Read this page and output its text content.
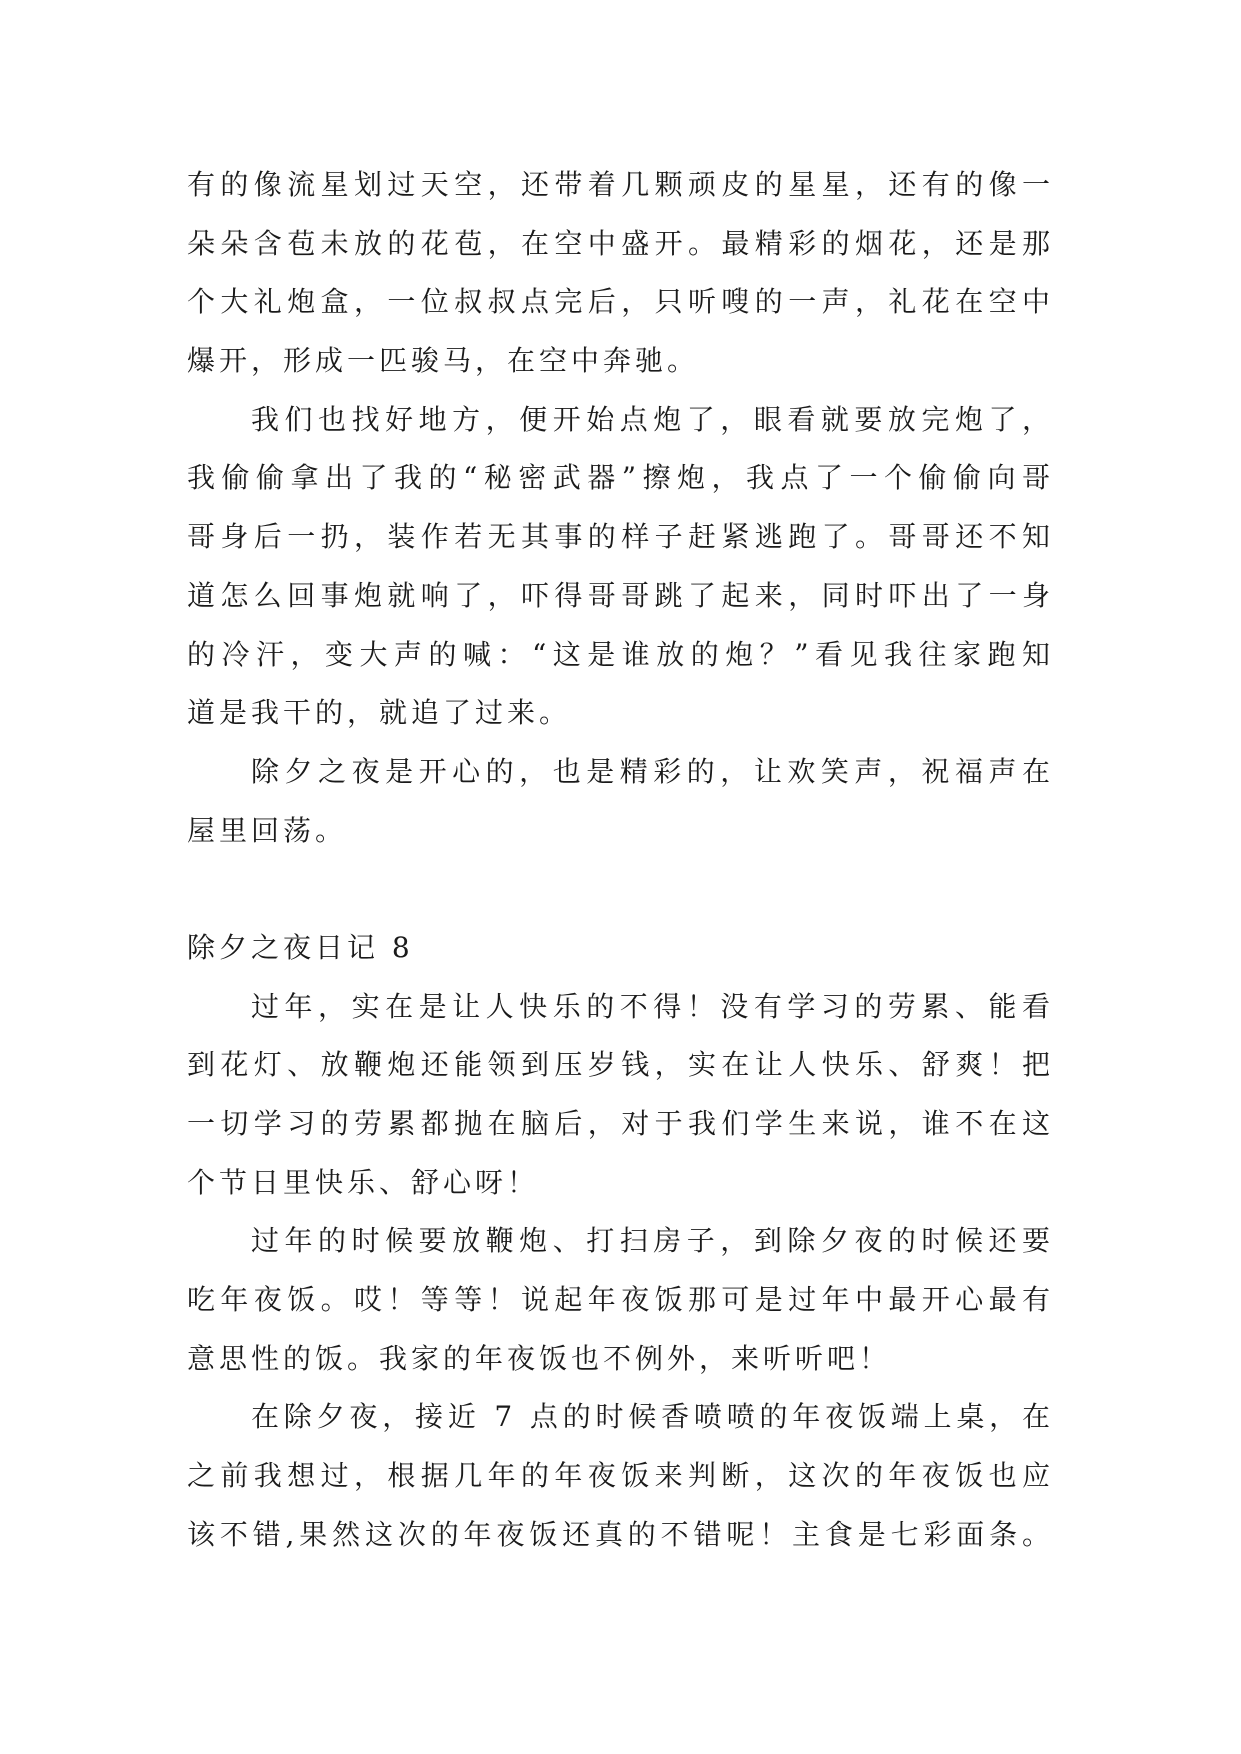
有的像流星划过天空，还带着几颗顽皮的星星，还有的像一
朵朵含苞未放的花苞，在空中盛开。最精彩的烟花，还是那
个大礼炮盒，一位叔叔点完后，只听嗖的一声，礼花在空中
爆开，形成一匹骏马，在空中奔驰。
我们也找好地方，便开始点炮了，眼看就要放完炮了，
我偷偷拿出了我的“秘密武器”擦炮，我点了一个偷偷向哥
哥身后一扔，装作若无其事的样子赶紧逃跑了。哥哥还不知
道怎么回事炮就响了，吓得哥哥跳了起来，同时吓出了一身
的冷汗，变大声的喊：“这是谁放的炮？”看见我往家跑知
道是我干的，就追了过来。
除夕之夜是开心的，也是精彩的，让欢笑声，祝福声在
屋里回荡。
除夕之夜日记 8
过年，实在是让人快乐的不得！没有学习的劳累、能看
到花灯、放鞭炮还能领到压岁钱，实在让人快乐、舒爽！把
一切学习的劳累都抛在脑后，对于我们学生来说，谁不在这
个节日里快乐、舒心呀！
过年的时候要放鞭炮、打扫房子，到除夕夜的时候还要
吃年夜饭。哎！等等！说起年夜饭那可是过年中最开心最有
意思性的饭。我家的年夜饭也不例外，来听听吧！
在除夕夜，接近 7 点的时候香喷喷的年夜饭端上桌，在
之前我想过，根据几年的年夜饭来判断，这次的年夜饭也应
该不错,果然这次的年夜饭还真的不错呢！主食是七彩面条。
